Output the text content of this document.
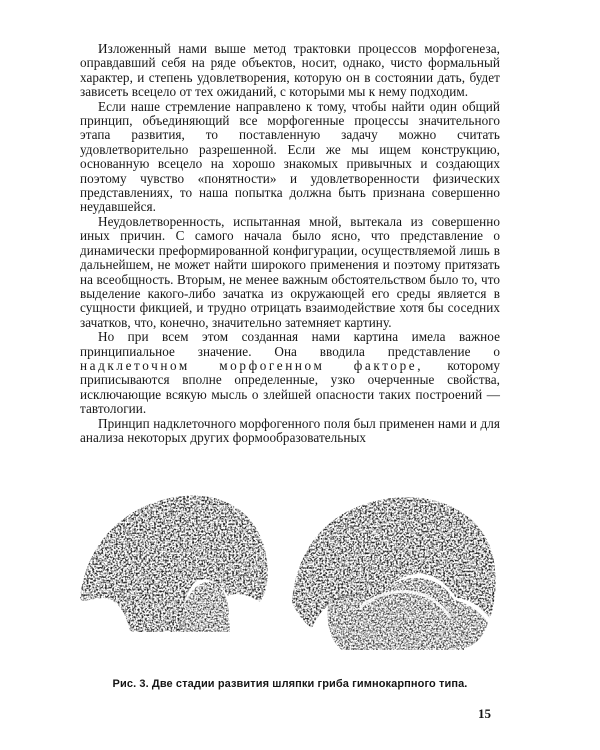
Изложенный нами выше метод трактовки процессов морфогенеза, оправдавший себя на ряде объектов, носит, однако, чисто формальный характер, и степень удовлетворения, которую он в состоянии дать, будет зависеть всецело от тех ожиданий, с которыми мы к нему подходим.

Если наше стремление направлено к тому, чтобы найти один общий принцип, объединяющий все морфогенные процессы значительного этапа развития, то поставленную задачу можно считать удовлетворительно разрешенной. Если же мы ищем конструкцию, основанную всецело на хорошо знакомых привычных и создающих поэтому чувство «понятности» и удовлетворенности физических представлениях, то наша попытка должна быть признана совершенно неудавшейся.

Неудовлетворенность, испытанная мной, вытекала из совершенно иных причин. С самого начала было ясно, что представление о динамически преформированной конфигурации, осуществляемой лишь в дальнейшем, не может найти широкого применения и поэтому притязать на всеобщность. Вторым, не менее важным обстоятельством было то, что выделение какого-либо зачатка из окружающей его среды является в сущности фикцией, и трудно отрицать взаимодействие хотя бы соседних зачатков, что, конечно, значительно затемняет картину.

Но при всем этом созданная нами картина имела важное принципиальное значение. Она вводила представление о надклеточном морфогенном факторе, которому приписываются вполне определенные, узко очерченные свойства, исключающие всякую мысль о злейшей опасности таких построений — тавтологии.

Принцип надклеточного морфогенного поля был применен нами и для анализа некоторых других формообразовательных

Рис. 3. Две стадии развития шляпки гриба гимнокарпного типа.
15
